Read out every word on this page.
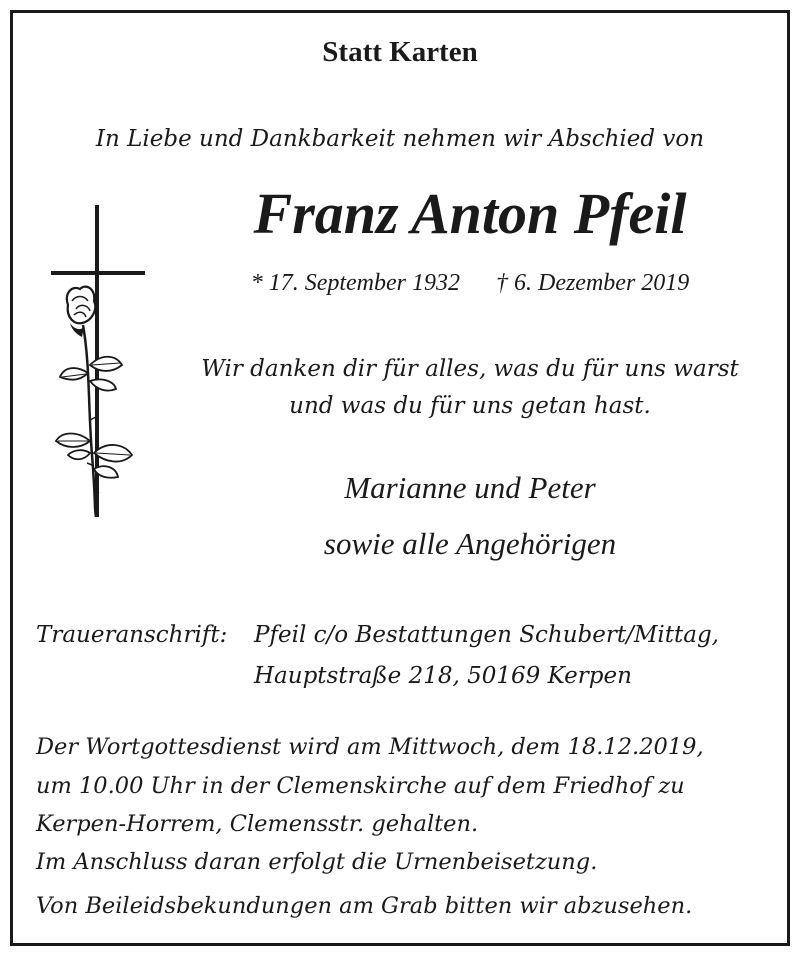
Statt Karten
In Liebe und Dankbarkeit nehmen wir Abschied von
Franz Anton Pfeil
* 17. September 1932 † 6. Dezember 2019
Wir danken dir für alles, was du für uns warst
und was du für uns getan hast.
Marianne und Peter
sowie alle Angehörigen
Traueranschrift: Pfeil c/o Bestattungen Schubert/Mittag,
Hauptstraße 218, 50169 Kerpen
Der Wortgottesdienst wird am Mittwoch, dem 18.12.2019,
um 10.00 Uhr in der Clemenskirche auf dem Friedhof zu
Kerpen-Horrem, Clemensstr. gehalten.
Im Anschluss daran erfolgt die Urnenbeisetzung.
Von Beileidsbekundungen am Grab bitten wir abzusehen.
